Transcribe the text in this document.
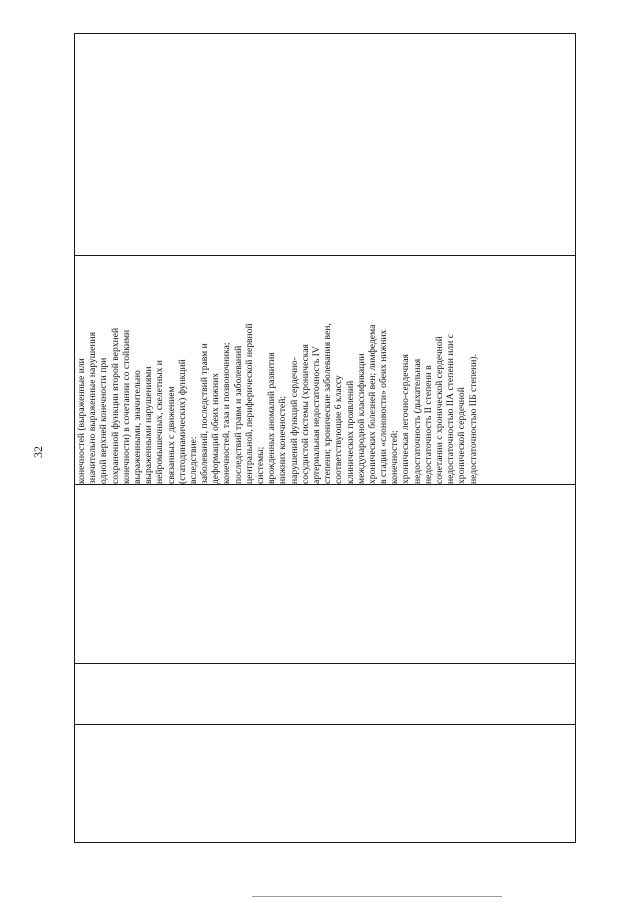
32	конечностей (выраженные или значительно выраженные нарушения одной верхней конечности при сохраненной функции второй верхней конечности) в сочетании со стойкими выраженными, значительно выраженными нарушениями нейромышечных, скелетных и связанных с движением (статодинамических) функций вследствие: заболеваний, последствий травм и деформаций обеих нижних конечностей, таза и позвоночника; последствий травм и заболеваний центральной, периферической нервной системы; врожденных аномалий развития нижних конечностей; нарушений функций сердечно- сосудистой системы (хроническая артериальная недостаточность IV степени; хронические заболевания вен, соответствующие 6 классу клинических проявлений международной классификации хронических болезней вен; лимфедема в стадии «слоновости» обеих нижних конечностей; хроническая легочно-сердечная недостаточность (дыхательная недостаточность II степени в сочетании с хронической сердечной недостаточностью IIА степени или с хронической сердечной недостаточностью IIБ степени).
